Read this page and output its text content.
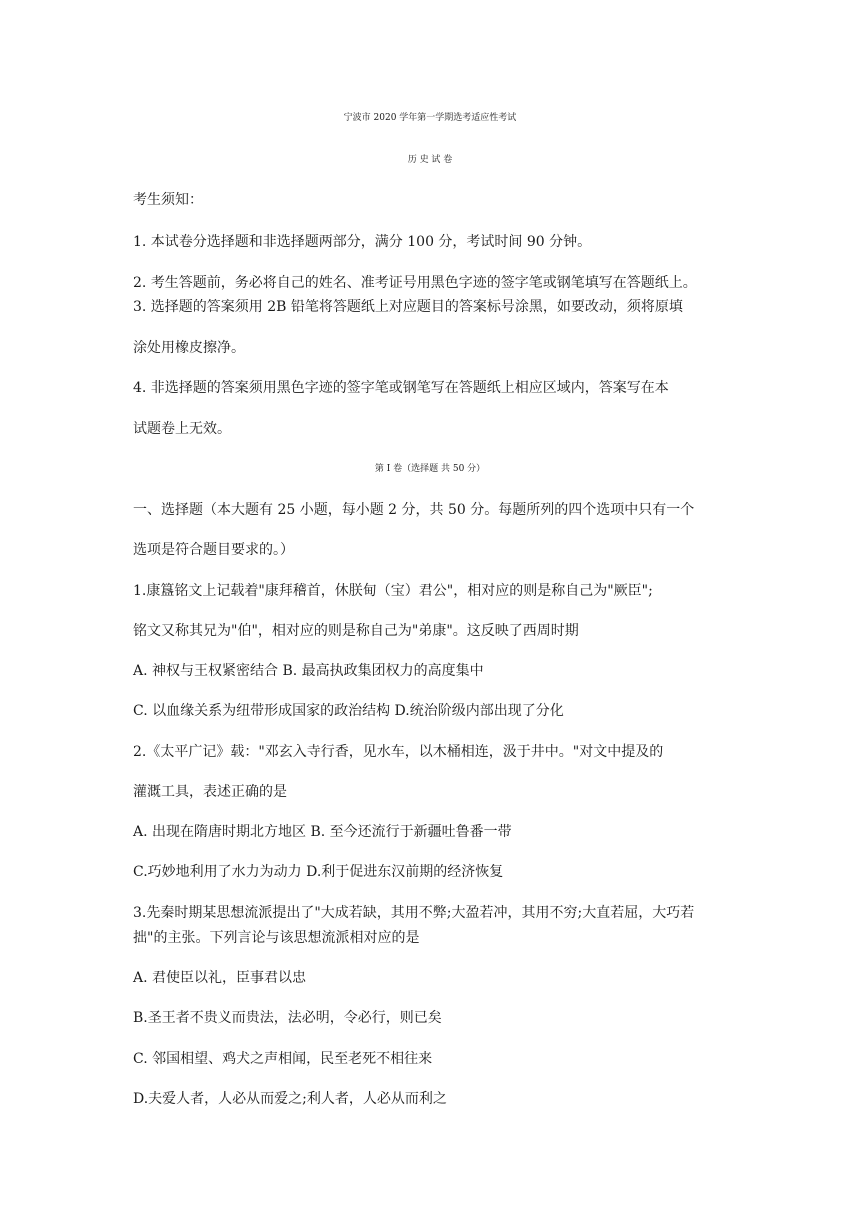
宁波市 2020 学年第一学期选考适应性考试
历 史 试 卷
考生须知：
1. 本试卷分选择题和非选择题两部分，满分 100 分，考试时间 90 分钟。
2. 考生答题前，务必将自己的姓名、准考证号用黑色字迹的签字笔或钢笔填写在答题纸上。
3. 选择题的答案须用 2B 铅笔将答题纸上对应题目的答案标号涂黑，如要改动，须将原填
涂处用橡皮擦净。
4. 非选择题的答案须用黑色字迹的签字笔或钢笔写在答题纸上相应区域内，答案写在本
试题卷上无效。
第 I 卷（选择题 共 50 分）
一、选择题（本大题有 25 小题，每小题 2 分，共 50 分。每题所列的四个选项中只有一个
选项是符合题目要求的。）
1.康簋铭文上记载着"康拜稽首，休朕甸（宝）君公"，相对应的则是称自己为"厥臣";
铭文又称其兄为"伯"，相对应的则是称自己为"弟康"。这反映了西周时期
A. 神权与王权紧密结合 B. 最高执政集团权力的高度集中
C. 以血缘关系为纽带形成国家的政治结构 D.统治阶级内部出现了分化
2.《太平广记》载："邓玄入寺行香，见水车，以木桶相连，汲于井中。"对文中提及的
灌溉工具，表述正确的是
A. 出现在隋唐时期北方地区 B. 至今还流行于新疆吐鲁番一带
C.巧妙地利用了水力为动力 D.利于促进东汉前期的经济恢复
3.先秦时期某思想流派提出了"大成若缺，其用不弊;大盈若冲，其用不穷;大直若屈，大巧若
拙"的主张。下列言论与该思想流派相对应的是
A. 君使臣以礼，臣事君以忠
B.圣王者不贵义而贵法，法必明，令必行，则已矣
C. 邻国相望、鸡犬之声相闻，民至老死不相往来
D.夫爱人者，人必从而爱之;利人者，人必从而利之
